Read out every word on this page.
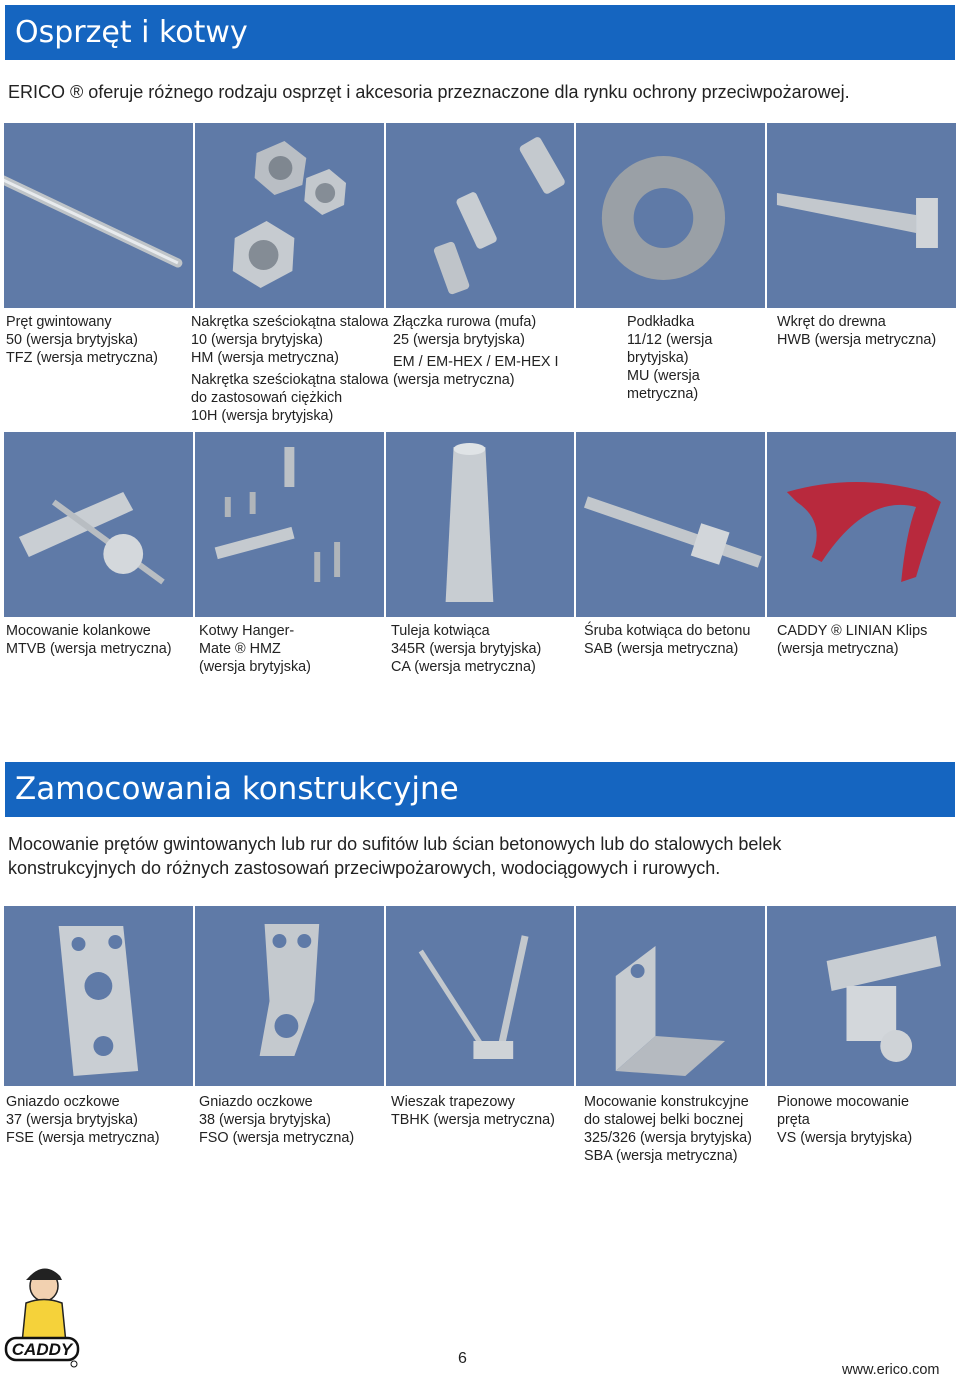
Osprzęt i kotwy
ERICO ® oferuje różnego rodzaju osprzęt i akcesoria przeznaczone dla rynku ochrony przeciwpożarowej.
Pręt gwintowany
50 (wersja brytyjska)
TFZ (wersja metryczna)
Nakrętka sześciokątna stalowa
10 (wersja brytyjska)
HM (wersja metryczna)
Nakrętka sześciokątna stalowa
do zastosowań ciężkich
10H (wersja brytyjska)
Złączka rurowa (mufa)
25 (wersja brytyjska)
EM / EM-HEX / EM-HEX I
(wersja metryczna)
Podkładka
11/12 (wersja
brytyjska)
MU (wersja
metryczna)
Wkręt do drewna
HWB (wersja metryczna)
Mocowanie kolankowe
MTVB (wersja metryczna)
Kotwy Hanger-
Mate ® HMZ
(wersja brytyjska)
Tuleja kotwiąca
345R (wersja brytyjska)
CA (wersja metryczna)
Śruba kotwiąca do betonu
SAB (wersja metryczna)
CADDY ® LINIAN Klips
(wersja metryczna)
Zamocowania konstrukcyjne
Mocowanie prętów gwintowanych lub rur do sufitów lub ścian betonowych lub do stalowych belek
konstrukcyjnych do różnych zastosowań przeciwpożarowych, wodociągowych i rurowych.
Gniazdo oczkowe
37 (wersja brytyjska)
FSE (wersja metryczna)
Gniazdo oczkowe
38 (wersja brytyjska)
FSO (wersja metryczna)
Wieszak trapezowy
TBHK (wersja metryczna)
Mocowanie konstrukcyjne
do stalowej belki bocznej
325/326 (wersja brytyjska)
SBA (wersja metryczna)
Pionowe mocowanie
pręta
VS (wersja brytyjska)
CADDY	6
www.erico.com
